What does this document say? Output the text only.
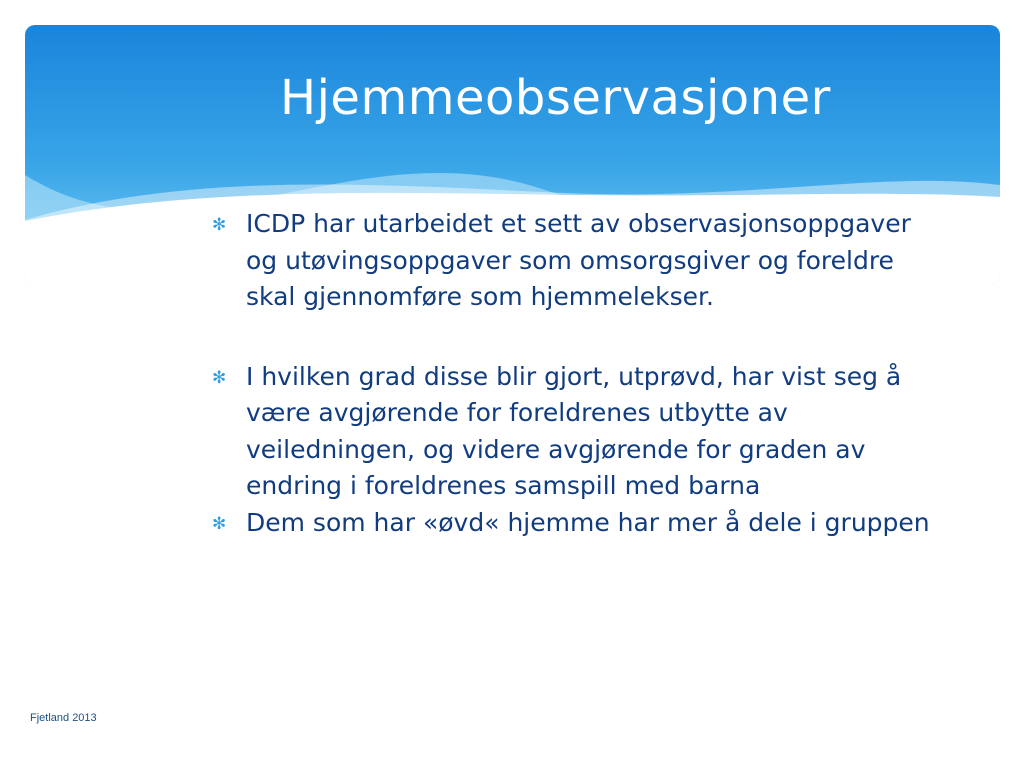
Hjemmeobservasjoner
✻ ICDP har utarbeidet et sett av observasjonsoppgaver og utøvingsoppgaver som omsorgsgiver og foreldre skal gjennomføre som hjemmelekser.
✻ I hvilken grad disse blir gjort, utprøvd, har vist seg å være avgjørende for foreldrenes utbytte av veiledningen, og videre avgjørende for graden av endring i foreldrenes samspill med barna
✻ Dem som har «øvd« hjemme har mer å dele i gruppen
Fjetland 2013
